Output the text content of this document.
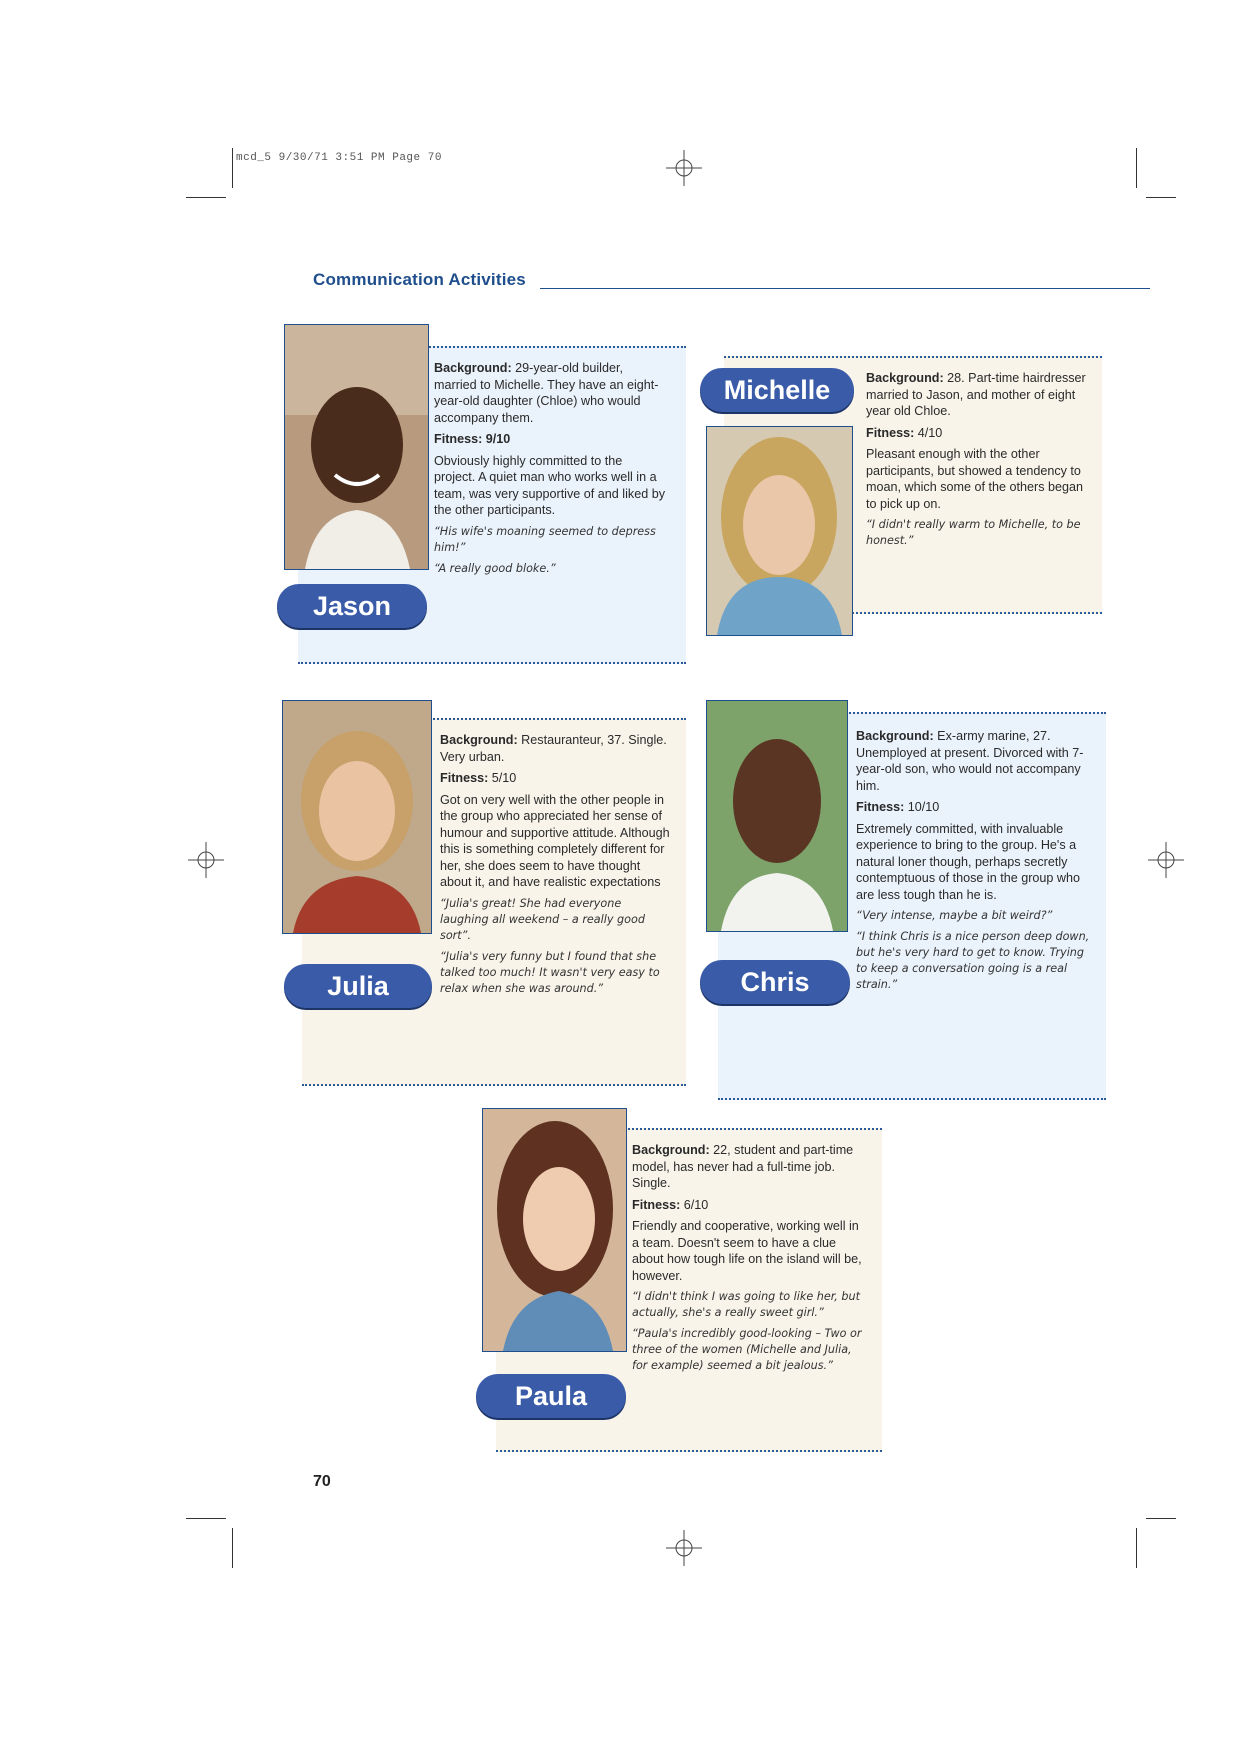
mcd_5 9/30/71 3:51 PM Page 70
Communication Activities
Jason

Background: 29-year-old builder, married to Michelle. They have an eight-year-old daughter (Chloe) who would accompany them.

Fitness: 9/10

Obviously highly committed to the project. A quiet man who works well in a team, was very supportive of and liked by the other participants.

“His wife's moaning seemed to depress him!”

“A really good bloke.”

Michelle	Background: 28. Part-time hairdresser married to Jason, and mother of eight year old Chloe.

Fitness: 4/10

Pleasant enough with the other participants, but showed a tendency to moan, which some of the others began to pick up on.

“I didn't really warm to Michelle, to be honest.”

Julia

Background: Restauranteur, 37. Single. Very urban.

Fitness: 5/10

Got on very well with the other people in the group who appreciated her sense of humour and supportive attitude. Although this is something completely different for her, she does seem to have thought about it, and have realistic expectations

“Julia's great! She had everyone laughing all weekend – a really good sort”.

“Julia's very funny but I found that she talked too much! It wasn't very easy to relax when she was around.”	Chris

Background: Ex-army marine, 27. Unemployed at present. Divorced with 7-year-old son, who would not accompany him.

Fitness: 10/10

Extremely committed, with invaluable experience to bring to the group. He's a natural loner though, perhaps secretly contemptuous of those in the group who are less tough than he is.

“Very intense, maybe a bit weird?”

“I think Chris is a nice person deep down, but he's very hard to get to know. Trying to keep a conversation going is a real strain.”

Paula

Background: 22, student and part-time model, has never had a full-time job. Single.

Fitness: 6/10

Friendly and cooperative, working well in a team. Doesn't seem to have a clue about how tough life on the island will be, however.

“I didn't think I was going to like her, but actually, she's a really sweet girl.”

“Paula's incredibly good-looking – Two or three of the women (Michelle and Julia, for example) seemed a bit jealous.”

70
